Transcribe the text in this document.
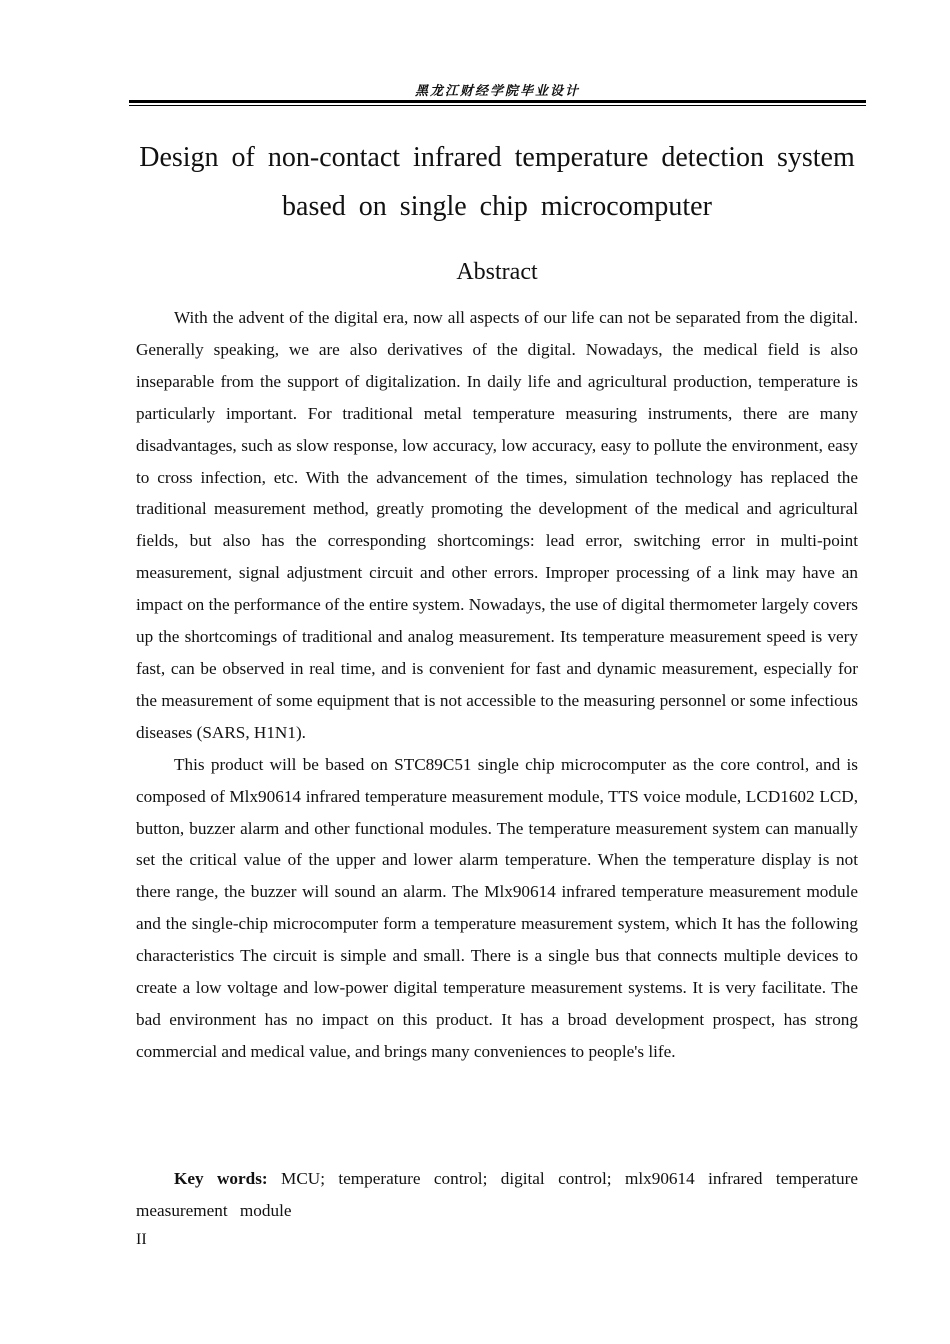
黑龙江财经学院毕业设计
Design of non-contact infrared temperature detection system based on single chip microcomputer
Abstract

With the advent of the digital era, now all aspects of our life can not be separated from the digital. Generally speaking, we are also derivatives of the digital. Nowadays, the medical field is also inseparable from the support of digitalization. In daily life and agricultural production, temperature is particularly important. For traditional metal temperature measuring instruments, there are many disadvantages, such as slow response, low accuracy, low accuracy, easy to pollute the environment, easy to cross infection, etc. With the advancement of the times, simulation technology has replaced the traditional measurement method, greatly promoting the development of the medical and agricultural fields, but also has the corresponding shortcomings: lead error, switching error in multi-point measurement, signal adjustment circuit and other errors. Improper processing of a link may have an impact on the performance of the entire system. Nowadays, the use of digital thermometer largely covers up the shortcomings of traditional and analog measurement. Its temperature measurement speed is very fast, can be observed in real time, and is convenient for fast and dynamic measurement, especially for the measurement of some equipment that is not accessible to the measuring personnel or some infectious diseases (SARS, H1N1).

This product will be based on STC89C51 single chip microcomputer as the core control, and is composed of Mlx90614 infrared temperature measurement module, TTS voice module, LCD1602 LCD, button, buzzer alarm and other functional modules. The temperature measurement system can manually set the critical value of the upper and lower alarm temperature. When the temperature display is not there range, the buzzer will sound an alarm. The Mlx90614 infrared temperature measurement module and the single-chip microcomputer form a temperature measurement system, which It has the following characteristics The circuit is simple and small. There is a single bus that connects multiple devices to create a low voltage and low-power digital temperature measurement systems. It is very facilitate. The bad environment has no impact on this product. It has a broad development prospect, has strong commercial and medical value, and brings many conveniences to people's life.

Key words: MCU; temperature control; digital control; mlx90614 infrared temperature measurement module

II
